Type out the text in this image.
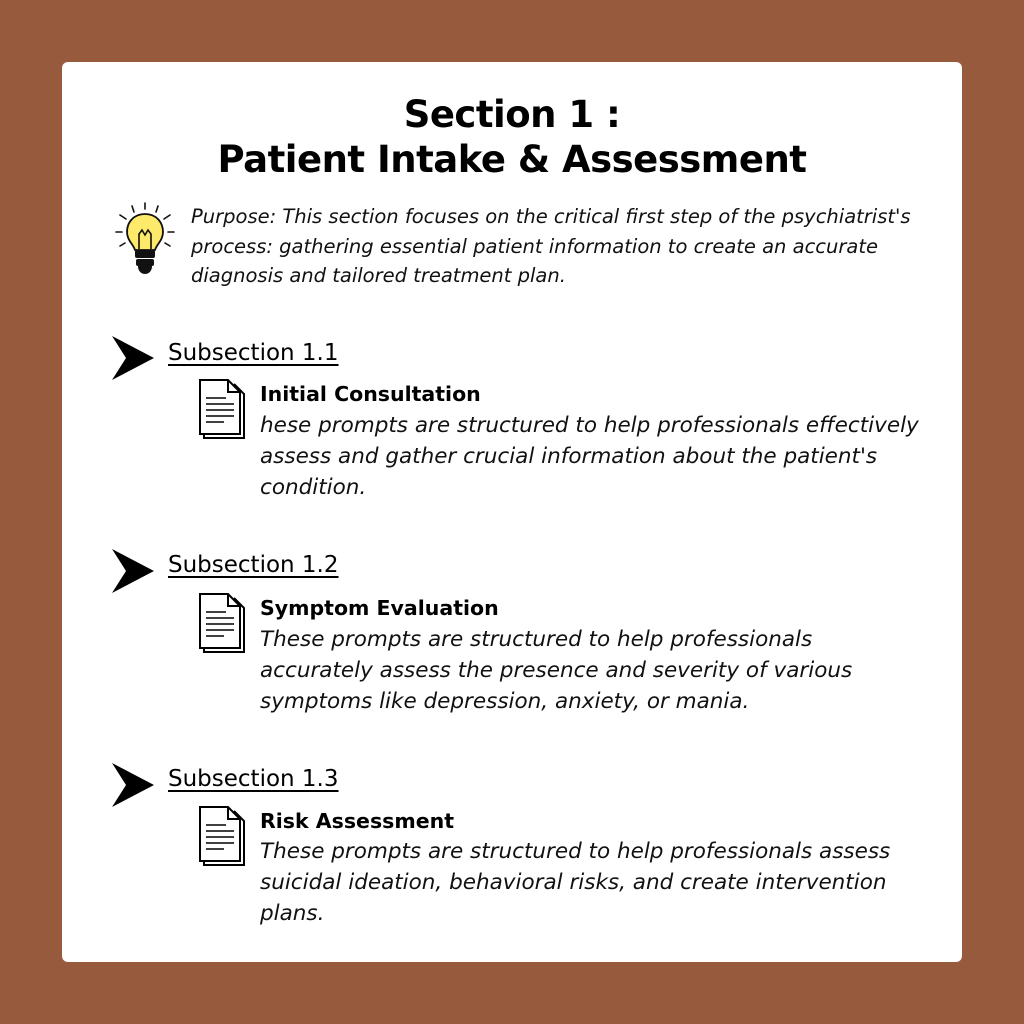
Section 1 :
Patient Intake & Assessment
Purpose: This section focuses on the critical first step of the psychiatrist's process: gathering essential patient information to create an accurate diagnosis and tailored treatment plan.
Subsection 1.1
Initial Consultation
hese prompts are structured to help professionals effectively assess and gather crucial information about the patient's condition.
Subsection 1.2
Symptom Evaluation
These prompts are structured to help professionals accurately assess the presence and severity of various symptoms like depression, anxiety, or mania.
Subsection 1.3
Risk Assessment
These prompts are structured to help professionals assess suicidal ideation, behavioral risks, and create intervention plans.
